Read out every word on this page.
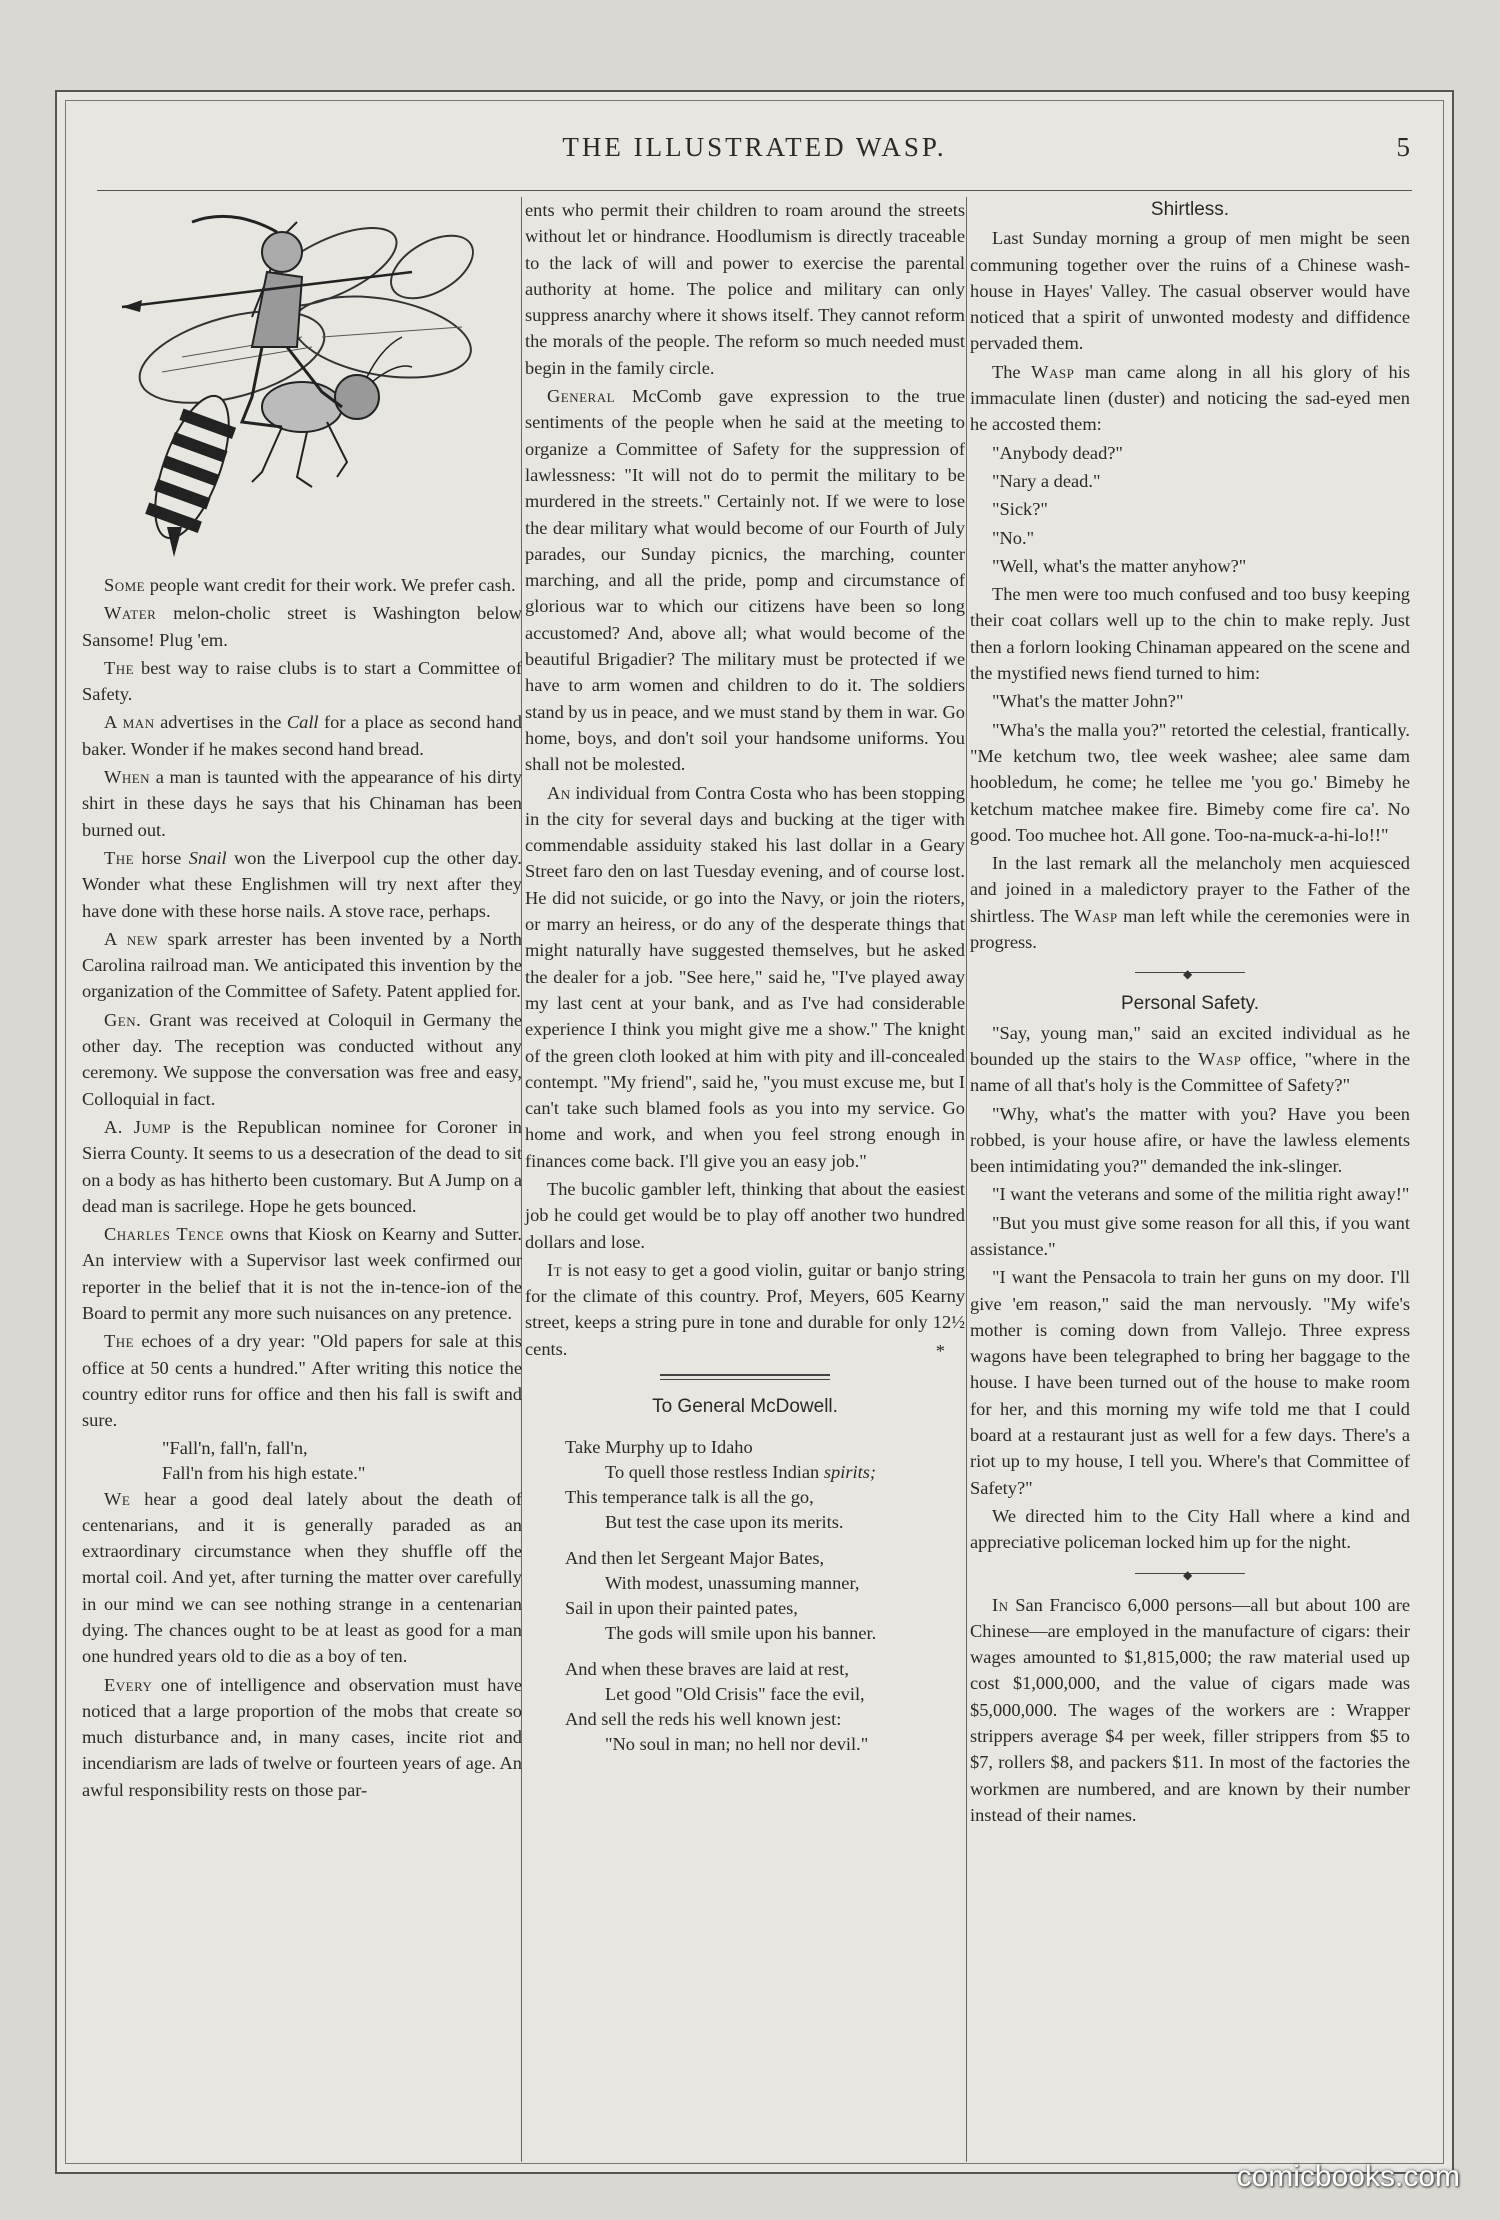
THE ILLUSTRATED WASP.	5

Some people want credit for their work. We prefer cash.

Water melon-cholic street is Washington below Sansome! Plug 'em.

The best way to raise clubs is to start a Committee of Safety.

A man advertises in the Call for a place as second hand baker. Wonder if he makes second hand bread.

When a man is taunted with the appearance of his dirty shirt in these days he says that his Chinaman has been burned out.

The horse Snail won the Liverpool cup the other day. Wonder what these Englishmen will try next after they have done with these horse nails. A stove race, perhaps.

A new spark arrester has been invented by a North Carolina railroad man. We anticipated this invention by the organization of the Committee of Safety. Patent applied for.

Gen. Grant was received at Coloquil in Germany the other day. The reception was conducted without any ceremony. We suppose the conversation was free and easy, Colloquial in fact.

A. Jump is the Republican nominee for Coroner in Sierra County. It seems to us a desecration of the dead to sit on a body as has hitherto been customary. But A Jump on a dead man is sacrilege. Hope he gets bounced.

Charles Tence owns that Kiosk on Kearny and Sutter. An interview with a Supervisor last week confirmed our reporter in the belief that it is not the in-tence-ion of the Board to permit any more such nuisances on any pretence.

The echoes of a dry year: "Old papers for sale at this office at 50 cents a hundred." After writing this notice the country editor runs for office and then his fall is swift and sure.

"Fall'n, fall'n, fall'n,

Fall'n from his high estate."

We hear a good deal lately about the death of centenarians, and it is generally paraded as an extraordinary circumstance when they shuffle off the mortal coil. And yet, after turning the matter over carefully in our mind we can see nothing strange in a centenarian dying. The chances ought to be at least as good for a man one hundred years old to die as a boy of ten.

Every one of intelligence and observation must have noticed that a large proportion of the mobs that create so much disturbance and, in many cases, incite riot and incendiarism are lads of twelve or fourteen years of age. An awful responsibility rests on those par-

ents who permit their children to roam around the streets without let or hindrance. Hoodlumism is directly traceable to the lack of will and power to exercise the parental authority at home. The police and military can only suppress anarchy where it shows itself. They cannot reform the morals of the people. The reform so much needed must begin in the family circle.

General McComb gave expression to the true sentiments of the people when he said at the meeting to organize a Committee of Safety for the suppression of lawlessness: "It will not do to permit the military to be murdered in the streets." Certainly not. If we were to lose the dear military what would become of our Fourth of July parades, our Sunday picnics, the marching, counter marching, and all the pride, pomp and circumstance of glorious war to which our citizens have been so long accustomed? And, above all; what would become of the beautiful Brigadier? The military must be protected if we have to arm women and children to do it. The soldiers stand by us in peace, and we must stand by them in war. Go home, boys, and don't soil your handsome uniforms. You shall not be molested.

An individual from Contra Costa who has been stopping in the city for several days and bucking at the tiger with commendable assiduity staked his last dollar in a Geary Street faro den on last Tuesday evening, and of course lost. He did not suicide, or go into the Navy, or join the rioters, or marry an heiress, or do any of the desperate things that might naturally have suggested themselves, but he asked the dealer for a job. "See here," said he, "I've played away my last cent at your bank, and as I've had considerable experience I think you might give me a show." The knight of the green cloth looked at him with pity and ill-concealed contempt. "My friend", said he, "you must excuse me, but I can't take such blamed fools as you into my service. Go home and work, and when you feel strong enough in finances come back. I'll give you an easy job."

The bucolic gambler left, thinking that about the easiest job he could get would be to play off another two hundred dollars and lose.

It is not easy to get a good violin, guitar or banjo string for the climate of this country. Prof, Meyers, 605 Kearny street, keeps a string pure in tone and durable for only 12½ cents.	*

To General McDowell.

Take Murphy up to Idaho

To quell those restless Indian spirits;

This temperance talk is all the go,

But test the case upon its merits.

And then let Sergeant Major Bates,

With modest, unassuming manner,

Sail in upon their painted pates,

The gods will smile upon his banner.

And when these braves are laid at rest,

Let good "Old Crisis" face the evil,

And sell the reds his well known jest:

"No soul in man; no hell nor devil."

Shirtless.

Last Sunday morning a group of men might be seen communing together over the ruins of a Chinese wash-house in Hayes' Valley. The casual observer would have noticed that a spirit of unwonted modesty and diffidence pervaded them.

The Wasp man came along in all his glory of his immaculate linen (duster) and noticing the sad-eyed men he accosted them:

"Anybody dead?"

"Nary a dead."

"Sick?"

"No."

"Well, what's the matter anyhow?"

The men were too much confused and too busy keeping their coat collars well up to the chin to make reply. Just then a forlorn looking Chinaman appeared on the scene and the mystified news fiend turned to him:

"What's the matter John?"

"Wha's the malla you?" retorted the celestial, frantically. "Me ketchum two, tlee week washee; alee same dam hoobledum, he come; he tellee me 'you go.' Bimeby he ketchum matchee makee fire. Bimeby come fire ca'. No good. Too muchee hot. All gone. Too-na-muck-a-hi-lo!!"

In the last remark all the melancholy men acquiesced and joined in a maledictory prayer to the Father of the shirtless. The Wasp man left while the ceremonies were in progress.

◆

Personal Safety.

"Say, young man," said an excited individual as he bounded up the stairs to the Wasp office, "where in the name of all that's holy is the Committee of Safety?"

"Why, what's the matter with you? Have you been robbed, is your house afire, or have the lawless elements been intimidating you?" demanded the ink-slinger.

"I want the veterans and some of the militia right away!"

"But you must give some reason for all this, if you want assistance."

"I want the Pensacola to train her guns on my door. I'll give 'em reason," said the man nervously. "My wife's mother is coming down from Vallejo. Three express wagons have been telegraphed to bring her baggage to the house. I have been turned out of the house to make room for her, and this morning my wife told me that I could board at a restaurant just as well for a few days. There's a riot up to my house, I tell you. Where's that Committee of Safety?"

We directed him to the City Hall where a kind and appreciative policeman locked him up for the night.

◆

In San Francisco 6,000 persons—all but about 100 are Chinese—are employed in the manufacture of cigars: their wages amounted to $1,815,000; the raw material used up cost $1,000,000, and the value of cigars made was $5,000,000. The wages of the workers are : Wrapper strippers average $4 per week, filler strippers from $5 to $7, rollers $8, and packers $11. In most of the factories the workmen are numbered, and are known by their number instead of their names.

comicbooks.com
